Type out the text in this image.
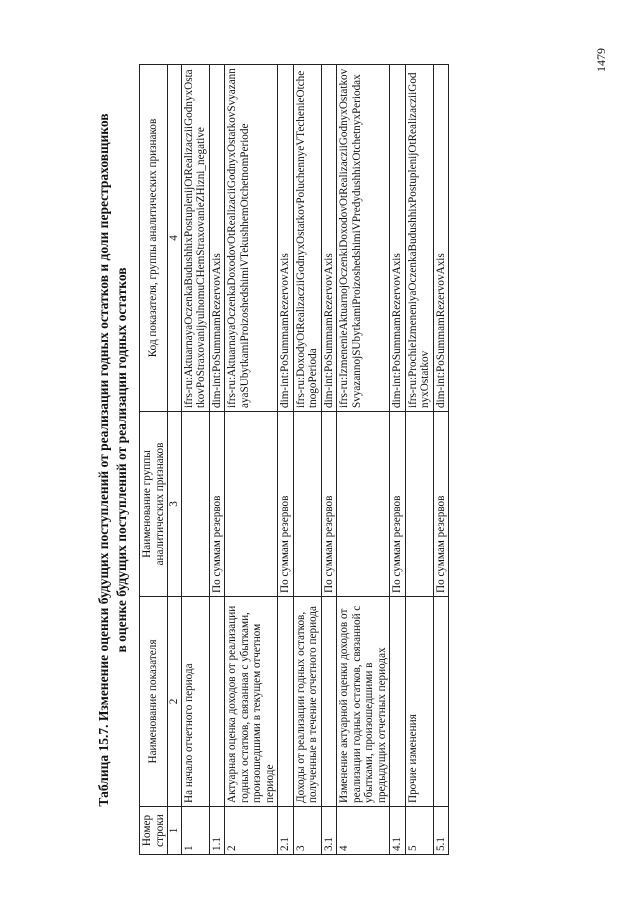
1479
Таблица 15.7. Изменение оценки будущих поступлений от реализации годных остатков и доли перестраховщиков в оценке будущих поступлений от реализации годных остатков
Номер строки	Наименование показателя	Наименование группы аналитических признаков	Код показателя, группы аналитических признаков
1	2	3	4
1	На начало отчетного периода		ifrs-ru:AktuarnayaOczenkaBudushhixPostuplenijOtRealizacziiGodnyxOstatkovPoStraxovanijyulnomuCHemStraxovanieZHizni_negative
1.1		По суммам резервов	dim-int:PoSummamRezervovAxis
2	Актуарная оценка доходов от реализации годных остатков, связанная с убытками, произошедшими в текущем отчетном периоде		ifrs-ru:AktuarnayaOczenkaDoxodovOtRealizaciiGodnyxOstatkovSvyazannayaSUbytkamiProizoshedshimiVTekushhemOtchetnomPeriode
2.1		По суммам резервов	dim-int:PoSummamRezervovAxis
3	Доходы от реализации годных остатков, полученные в течение отчетного периода		ifrs-ru:DoxodyOtRealizacziiGodnyxOstatkovPoluchennyeVTechenieOtchetnogoPerioda
3.1		По суммам резервов	dim-int:PoSummamRezervovAxis
4	Изменение актуарной оценки доходов от реализации годных остатков, связанной с убытками, произошедшими в предыдущих отчетных периодах		ifrs-ru:IzmenenieAktuarnojOczenkiDoxodovOtRealizacziiGodnyxOstatkovSvyazannojSUbytkamiProizoshedshimiVPredydushhixOtchetnyxPeriodax
4.1		По суммам резервов	dim-int:PoSummamRezervovAxis
5	Прочие изменения		ifrs-ru:ProchieIzmeneniyaOczenkaBudushhixPostuplenijOtRealizacziiGodnyxOstatkov
5.1		По суммам резервов	dim-int:PoSummamRezervovAxis
